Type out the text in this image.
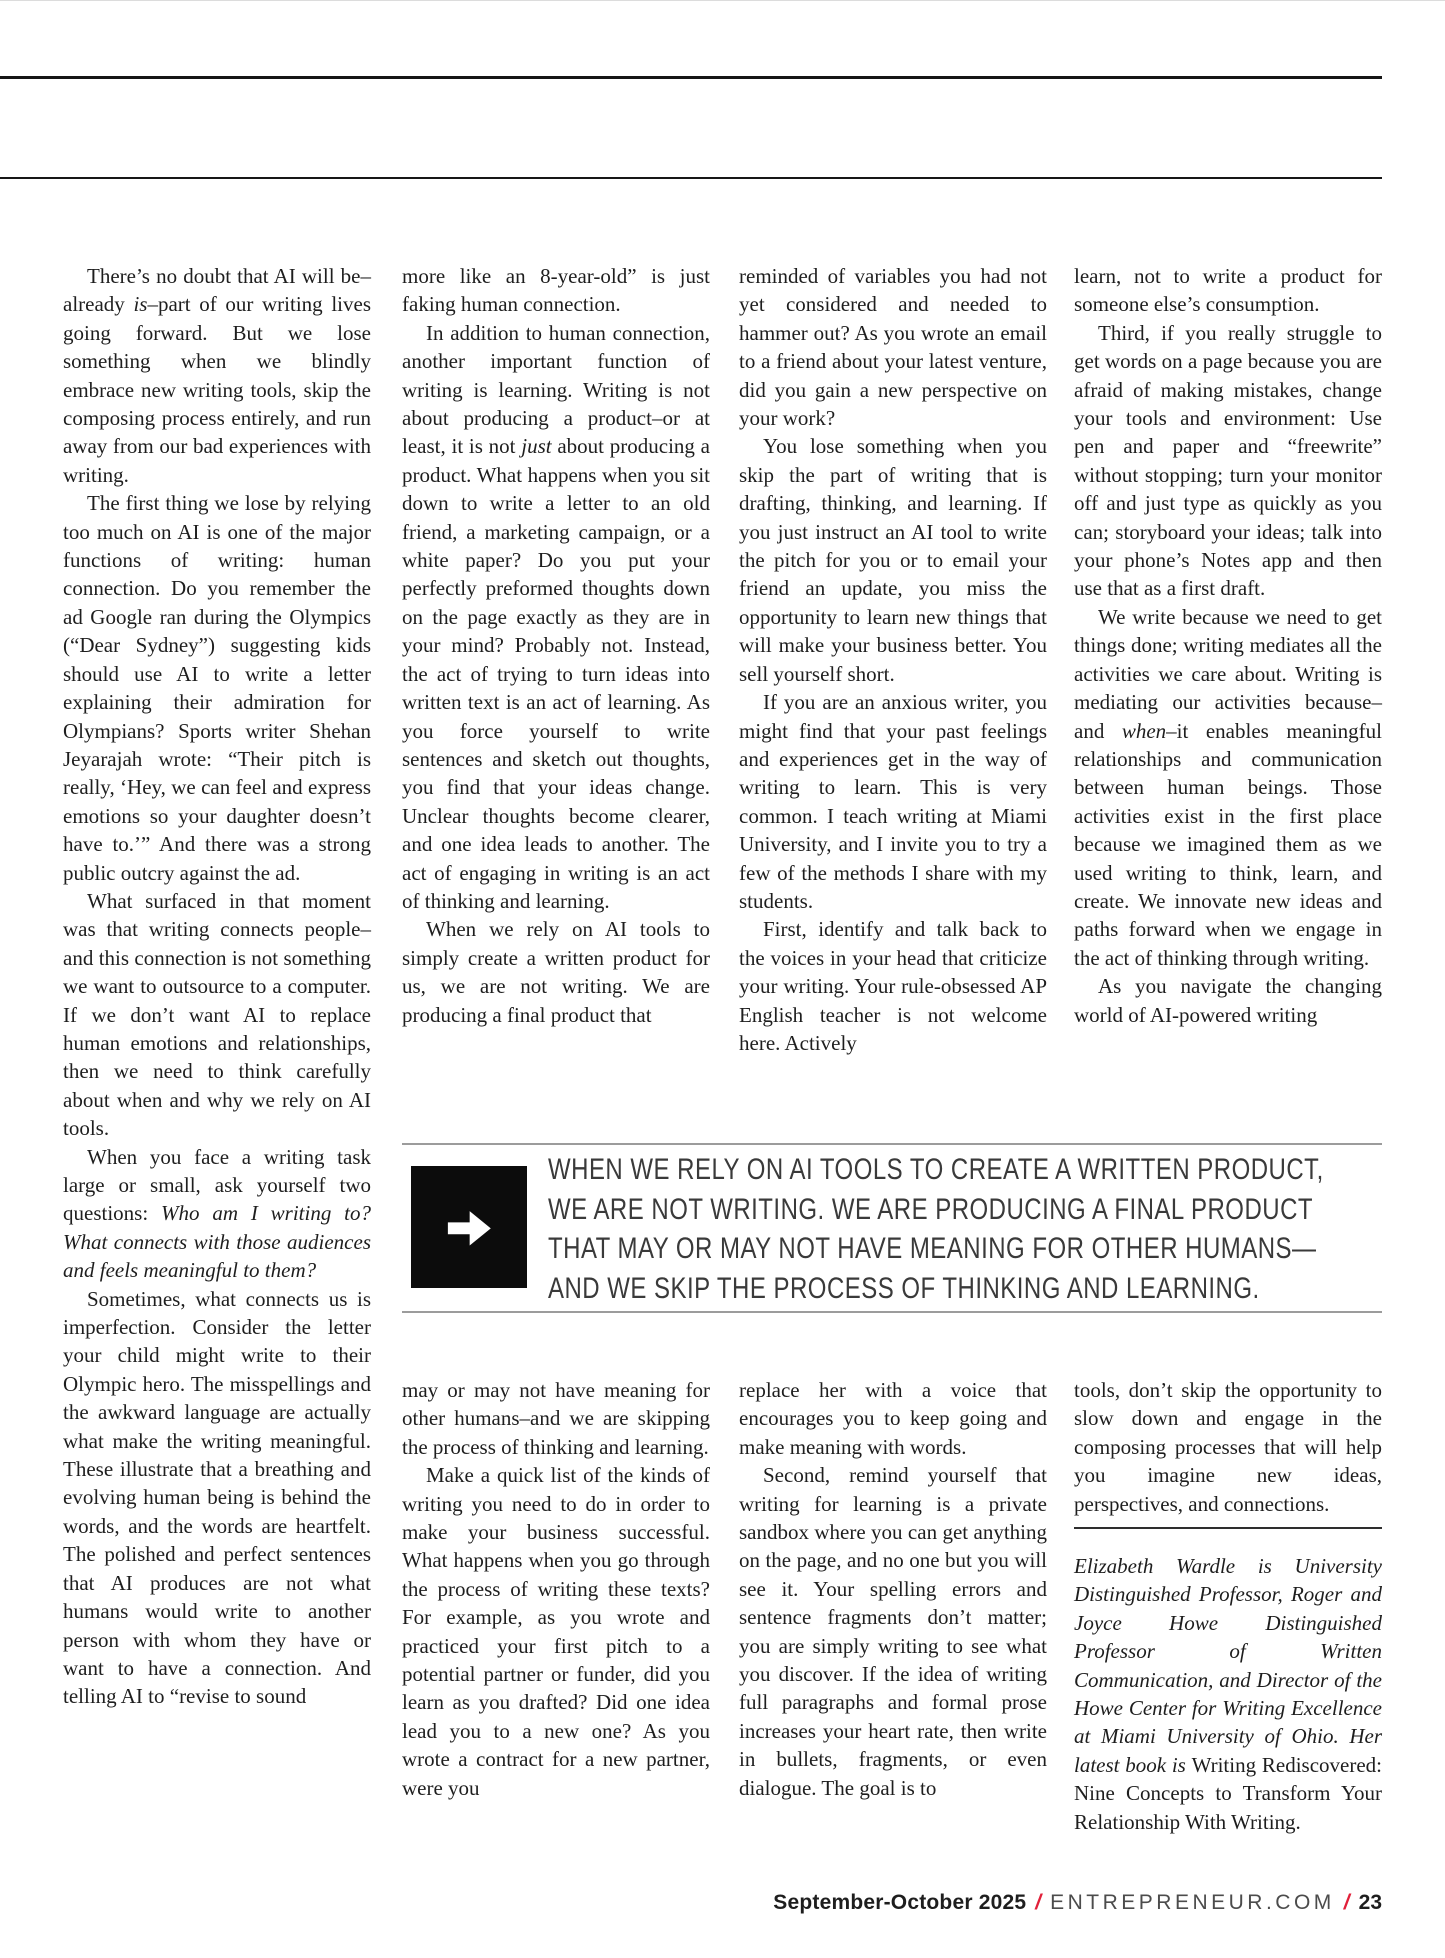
There’s no doubt that AI will be–already is–part of our writing lives going forward. But we lose something when we blindly embrace new writing tools, skip the composing process entirely, and run away from our bad experiences with writing.

The first thing we lose by relying too much on AI is one of the major functions of writing: human connection. Do you remember the ad Google ran during the Olympics (“Dear Sydney”) suggesting kids should use AI to write a letter explaining their admiration for Olympians? Sports writer Shehan Jeyarajah wrote: “Their pitch is really, ‘Hey, we can feel and express emotions so your daughter doesn’t have to.’” And there was a strong public outcry against the ad.

What surfaced in that moment was that writing connects people–and this connection is not something we want to outsource to a computer. If we don’t want AI to replace human emotions and relationships, then we need to think carefully about when and why we rely on AI tools.

When you face a writing task large or small, ask yourself two questions: Who am I writing to? What connects with those audiences and feels meaningful to them?

Sometimes, what connects us is imperfection. Consider the letter your child might write to their Olympic hero. The misspellings and the awkward language are actually what make the writing meaningful. These illustrate that a breathing and evolving human being is behind the words, and the words are heartfelt. The polished and perfect sentences that AI produces are not what humans would write to another person with whom they have or want to have a connection. And telling AI to “revise to sound

more like an 8-year-old” is just faking human connection.

In addition to human connection, another important function of writing is learning. Writing is not about producing a product–or at least, it is not just about producing a product. What happens when you sit down to write a letter to an old friend, a marketing campaign, or a white paper? Do you put your perfectly preformed thoughts down on the page exactly as they are in your mind? Probably not. Instead, the act of trying to turn ideas into written text is an act of learning. As you force yourself to write sentences and sketch out thoughts, you find that your ideas change. Unclear thoughts become clearer, and one idea leads to another. The act of engaging in writing is an act of thinking and learning.

When we rely on AI tools to simply create a written product for us, we are not writing. We are producing a final product that

reminded of variables you had not yet considered and needed to hammer out? As you wrote an email to a friend about your latest venture, did you gain a new perspective on your work?

You lose something when you skip the part of writing that is drafting, thinking, and learning. If you just instruct an AI tool to write the pitch for you or to email your friend an update, you miss the opportunity to learn new things that will make your business better. You sell yourself short.

If you are an anxious writer, you might find that your past feelings and experiences get in the way of writing to learn. This is very common. I teach writing at Miami University, and I invite you to try a few of the methods I share with my students.

First, identify and talk back to the voices in your head that criticize your writing. Your rule-obsessed AP English teacher is not welcome here. Actively

learn, not to write a product for someone else’s consumption.

Third, if you really struggle to get words on a page because you are afraid of making mistakes, change your tools and environment: Use pen and paper and “freewrite” without stopping; turn your monitor off and just type as quickly as you can; storyboard your ideas; talk into your phone’s Notes app and then use that as a first draft.

We write because we need to get things done; writing mediates all the activities we care about. Writing is mediating our activities because–and when–it enables meaningful relationships and communication between human beings. Those activities exist in the first place because we imagined them as we used writing to think, learn, and create. We innovate new ideas and paths forward when we engage in the act of thinking through writing.

As you navigate the changing world of AI-powered writing

WHEN WE RELY ON AI TOOLS TO CREATE A WRITTEN PRODUCT,
WE ARE NOT WRITING. WE ARE PRODUCING A FINAL PRODUCT
THAT MAY OR MAY NOT HAVE MEANING FOR OTHER HUMANS—
AND WE SKIP THE PROCESS OF THINKING AND LEARNING.

may or may not have meaning for other humans–and we are skipping the process of thinking and learning.

Make a quick list of the kinds of writing you need to do in order to make your business successful. What happens when you go through the process of writing these texts? For example, as you wrote and practiced your first pitch to a potential partner or funder, did you learn as you drafted? Did one idea lead you to a new one? As you wrote a contract for a new partner, were you

replace her with a voice that encourages you to keep going and make meaning with words.

Second, remind yourself that writing for learning is a private sandbox where you can get anything on the page, and no one but you will see it. Your spelling errors and sentence fragments don’t matter; you are simply writing to see what you discover. If the idea of writing full paragraphs and formal prose increases your heart rate, then write in bullets, fragments, or even dialogue. The goal is to

tools, don’t skip the opportunity to slow down and engage in the composing processes that will help you imagine new ideas, perspectives, and connections.

Elizabeth Wardle is University Distinguished Professor, Roger and Joyce Howe Distinguished Professor of Written Communication, and Director of the Howe Center for Writing Excellence at Miami University of Ohio. Her latest book is Writing Rediscovered: Nine Concepts to Transform Your Relationship With Writing.

September-October 2025 / ENTREPRENEUR.COM / 23
